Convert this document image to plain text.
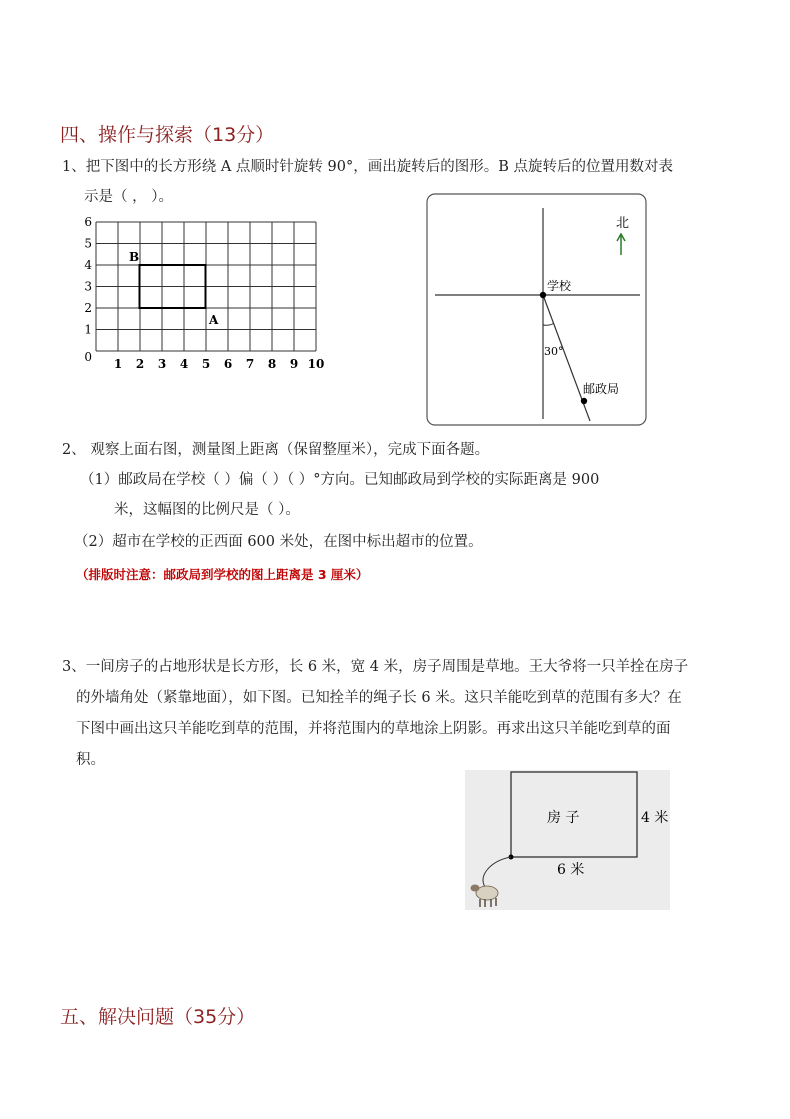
四、操作与探索（13分）
1、把下图中的长方形绕 A 点顺时针旋转 90°，画出旋转后的图形。B 点旋转后的位置用数对表
示是（ ， ）。
0
1
2
3
4
5
6
1 2 3 4 5 6 7 8 9 10
B
A
学校
30°
邮政局
北
2、 观察上面右图，测量图上距离（保留整厘米），完成下面各题。
（1）邮政局在学校（ ）偏（ ）（ ）°方向。已知邮政局到学校的实际距离是 900
米，这幅图的比例尺是（ ）。
（2）超市在学校的正西面 600 米处，在图中标出超市的位置。
（排版时注意：邮政局到学校的图上距离是 3 厘米）
3、一间房子的占地形状是长方形，长 6 米，宽 4 米，房子周围是草地。王大爷将一只羊拴在房子
的外墙角处（紧靠地面），如下图。已知拴羊的绳子长 6 米。这只羊能吃到草的范围有多大？在
下图中画出这只羊能吃到草的范围，并将范围内的草地涂上阴影。再求出这只羊能吃到草的面
积。
房 子	4 米
6 米
五、解决问题（35分）
